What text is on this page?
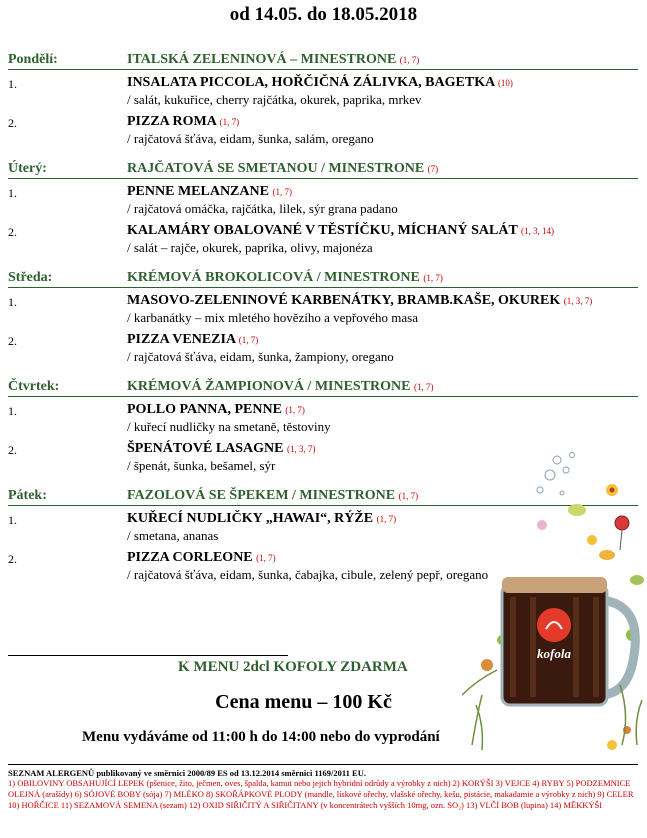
od 14.05. do 18.05.2018
Pondělí:	ITALSKÁ ZELENINOVÁ – MINESTRONE (1, 7)
1.	INSALATA PICCOLA, HOŘČIČNÁ ZÁLIVKA, BAGETKA (10)
/ salát, kukuřice, cherry rajčátka, okurek, paprika, mrkev
2.	PIZZA ROMA (1, 7)
/ rajčatová šťáva, eidam, šunka, salám, oregano
Úterý:	RAJČATOVÁ SE SMETANOU / MINESTRONE (7)
1.	PENNE MELANZANE (1, 7)
/ rajčatová omáčka, rajčátka, lilek, sýr grana padano
2.	KALAMÁRY OBALOVANÉ V TĚSTÍČKU, MÍCHANÝ SALÁT (1, 3, 14)
/ salát – rajče, okurek, paprika, olivy, majonéza
Středa:	KRÉMOVÁ BROKOLICOVÁ / MINESTRONE (1, 7)
1.	MASOVO-ZELENINOVÉ KARBENÁTKY, BRAMB.KAŠE, OKUREK (1, 3, 7)
/ karbanátky – mix mletého hovězího a vepřového masa
2.	PIZZA VENEZIA (1, 7)
/ rajčatová šťáva, eidam, šunka, žampiony, oregano
Čtvrtek:	KRÉMOVÁ ŽAMPIONOVÁ / MINESTRONE (1, 7)
1.	POLLO PANNA, PENNE (1, 7)
/ kuřecí nudličky na smetaně, těstoviny
2.	ŠPENÁTOVÉ LASAGNE (1, 3, 7)
/ špenát, šunka, bešamel, sýr
Pátek:	FAZOLOVÁ SE ŠPEKEM / MINESTRONE (1, 7)
1.	KUŘECÍ NUDLIČKY „HAWAI“, RÝŽE (1, 7)
/ smetana, ananas
2.	PIZZA CORLEONE (1, 7)
/ rajčatová šťáva, eidam, šunka, čabajka, cibule, zelený pepř, oregano
kofola
K MENU 2dcl KOFOLY ZDARMA
Cena menu – 100 Kč
Menu vydáváme od 11:00 h do 14:00 nebo do vyprodání
SEZNAM ALERGENŮ publikovaný ve směrnici 2000/89 ES od 13.12.2014 směrnici 1169/2011 EU.
1) OBILOVINY OBSAHUJÍCÍ LEPEK (pšenice, žito, ječmen, oves, špalda, kamut nebo jejich hybridní odrůdy a výrobky z nich) 2) KORÝŠI 3) VEJCE 4) RYBY 5) PODZEMNICE OLEJNÁ (arašídy) 6) SÓJOVÉ BOBY (sója) 7) MLÉKO 8) SKOŘÁPKOVÉ PLODY (mandle, lískové ořechy, vlašské ořechy, kešu, pistácie, makadamie a výrobky z nich) 9) CELER 10) HOŘČICE 11) SEZAMOVÁ SEMENA (sezam) 12) OXID SIŘIČITÝ A SIŘIČITANY (v koncentrátech vyšších 10mg, ozn. SO₂) 13) VLČÍ BOB (lupina) 14) MĚKKÝŠI
